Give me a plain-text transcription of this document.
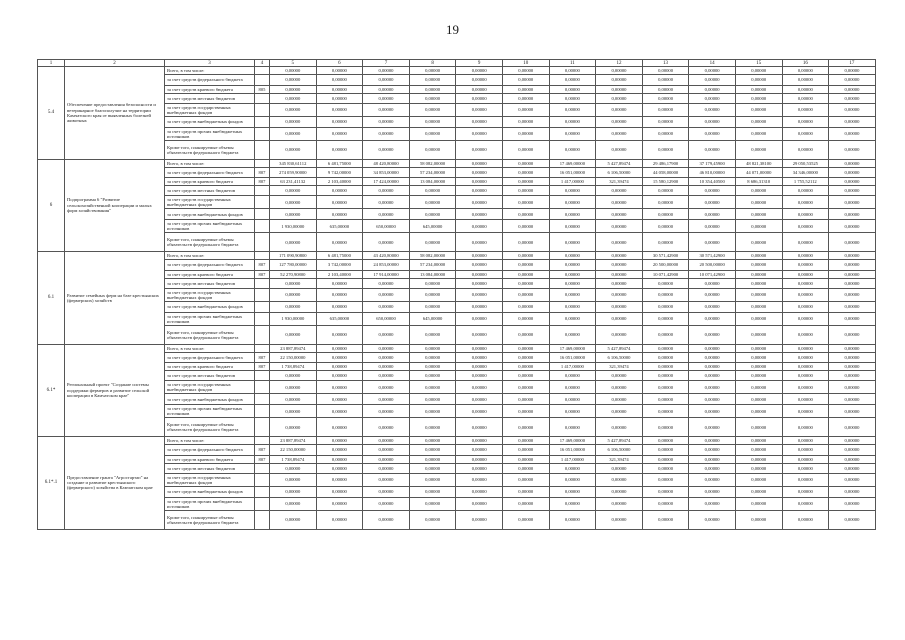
19
1	2	3	4	5	6	7	8	9	10	11	12	13	14	15	16	17
5.4	Обеспечение предоставления безопасности и ветеринарное благополучие на территории Камчатского края от выявленных болезней животных	Всего, в том числе:		0,00000	0,00000	0,00000	0,00000	0,00000	0,00000	0,00000	0,00000	0,00000	0,00000	0,00000	0,00000	0,00000
		за счет средств федерального бюджета		0,00000	0,00000	0,00000	0,00000	0,00000	0,00000	0,00000	0,00000	0,00000	0,00000	0,00000	0,00000	0,00000
		за счет средств краевого бюджета	805	0,00000	0,00000	0,00000	0,00000	0,00000	0,00000	0,00000	0,00000	0,00000	0,00000	0,00000	0,00000	0,00000
		за счет средств местных бюджетов		0,00000	0,00000	0,00000	0,00000	0,00000	0,00000	0,00000	0,00000	0,00000	0,00000	0,00000	0,00000	0,00000
		за счет средств государственных внебюджетных фондов		0,00000	0,00000	0,00000	0,00000	0,00000	0,00000	0,00000	0,00000	0,00000	0,00000	0,00000	0,00000	0,00000
		за счет средств внебюджетных фондов		0,00000	0,00000	0,00000	0,00000	0,00000	0,00000	0,00000	0,00000	0,00000	0,00000	0,00000	0,00000	0,00000
		за счет средств прочих внебюджетных источников		0,00000	0,00000	0,00000	0,00000	0,00000	0,00000	0,00000	0,00000	0,00000	0,00000	0,00000	0,00000	0,00000
		Кроме того, планируемые объемы обязательств федерального бюджета		0,00000	0,00000	0,00000	0,00000	0,00000	0,00000	0,00000	0,00000	0,00000	0,00000	0,00000	0,00000	0,00000
6	Подпрограмма 6 "Развитие сельскохозяйственной кооперации и малых форм хозяйствования"	Всего, в том числе:		345 830,61112	6 481,75000	48 420,80000	58 082,00000	0,00000	0,00000	17 469,00000	5 427,89474	29 486,17900	37 179,45900	48 821,38100	29 050,53525	0,00000
		за счет средств федерального бюджета	807	274 059,90000	9 742,00000	34 853,00000	57 234,00000	0,00000	0,00000	16 051,00000	6 106,50000	44 058,00000	46 810,00000	44 071,00000	34 346,00000	0,00000
		за счет средств краевого бюджета	807	63 231,41132	2 103,40000	17 424,00000	13 084,00000	0,00000	0,00000	1 417,00000	321,39474	15 580,12900	10 354,40500	8 686,31310	1 755,52112	0,00000
		за счет средств местных бюджетов		0,00000	0,00000	0,00000	0,00000	0,00000	0,00000	0,00000	0,00000	0,00000	0,00000	0,00000	0,00000	0,00000
		за счет средств государственных внебюджетных фондов		0,00000	0,00000	0,00000	0,00000	0,00000	0,00000	0,00000	0,00000	0,00000	0,00000	0,00000	0,00000	0,00000
		за счет средств внебюджетных фондов		0,00000	0,00000	0,00000	0,00000	0,00000	0,00000	0,00000	0,00000	0,00000	0,00000	0,00000	0,00000	0,00000
		за счет средств прочих внебюджетных источников		1 930,00000	635,00000	650,00000	645,00000	0,00000	0,00000	0,00000	0,00000	0,00000	0,00000	0,00000	0,00000	0,00000
		Кроме того, планируемые объемы обязательств федерального бюджета		0,00000	0,00000	0,00000	0,00000	0,00000	0,00000	0,00000	0,00000	0,00000	0,00000	0,00000	0,00000	0,00000
6.1	Развитие семейных ферм на базе крестьянских (фермерских) хозяйств	Всего, в том числе:		171 090,90800	6 481,75000	43 420,80000	58 082,00000	0,00000	0,00000	0,00000	0,00000	30 571,42900	30 571,42900	0,00000	0,00000	0,00000
		за счет средств федерального бюджета	807	127 780,00000	3 742,00000	24 853,00000	57 234,00000	0,00000	0,00000	0,00000	0,00000	20 500,00000	20 500,00000	0,00000	0,00000	0,00000
		за счет средств краевого бюджета	807	52 270,90800	2 103,40000	17 914,00000	13 084,00000	0,00000	0,00000	0,00000	0,00000	10 071,42900	10 071,42900	0,00000	0,00000	0,00000
		за счет средств местных бюджетов		0,00000	0,00000	0,00000	0,00000	0,00000	0,00000	0,00000	0,00000	0,00000	0,00000	0,00000	0,00000	0,00000
		за счет средств государственных внебюджетных фондов		0,00000	0,00000	0,00000	0,00000	0,00000	0,00000	0,00000	0,00000	0,00000	0,00000	0,00000	0,00000	0,00000
		за счет средств внебюджетных фондов		0,00000	0,00000	0,00000	0,00000	0,00000	0,00000	0,00000	0,00000	0,00000	0,00000	0,00000	0,00000	0,00000
		за счет средств прочих внебюджетных источников		1 930,00000	635,00000	650,00000	645,00000	0,00000	0,00000	0,00000	0,00000	0,00000	0,00000	0,00000	0,00000	0,00000
		Кроме того, планируемые объемы обязательств федерального бюджета		0,00000	0,00000	0,00000	0,00000	0,00000	0,00000	0,00000	0,00000	0,00000	0,00000	0,00000	0,00000	0,00000
6.1*	Региональный проект "Создание системы поддержки фермеров и развитие сельской кооперации в Камчатском крае"	Всего, в том числе:		23 887,89474	0,00000	0,00000	0,00000	0,00000	0,00000	17 469,00000	5 427,89474	0,00000	0,00000	0,00000	0,00000	0,00000
		за счет средств федерального бюджета	807	22 150,00000	0,00000	0,00000	0,00000	0,00000	0,00000	16 051,00000	6 106,50000	0,00000	0,00000	0,00000	0,00000	0,00000
		за счет средств краевого бюджета	807	1 738,89474	0,00000	0,00000	0,00000	0,00000	0,00000	1 417,00000	321,39474	0,00000	0,00000	0,00000	0,00000	0,00000
		за счет средств местных бюджетов		0,00000	0,00000	0,00000	0,00000	0,00000	0,00000	0,00000	0,00000	0,00000	0,00000	0,00000	0,00000	0,00000
		за счет средств государственных внебюджетных фондов		0,00000	0,00000	0,00000	0,00000	0,00000	0,00000	0,00000	0,00000	0,00000	0,00000	0,00000	0,00000	0,00000
		за счет средств внебюджетных фондов		0,00000	0,00000	0,00000	0,00000	0,00000	0,00000	0,00000	0,00000	0,00000	0,00000	0,00000	0,00000	0,00000
		за счет средств прочих внебюджетных источников		0,00000	0,00000	0,00000	0,00000	0,00000	0,00000	0,00000	0,00000	0,00000	0,00000	0,00000	0,00000	0,00000
		Кроме того, планируемые объемы обязательств федерального бюджета		0,00000	0,00000	0,00000	0,00000	0,00000	0,00000	0,00000	0,00000	0,00000	0,00000	0,00000	0,00000	0,00000
6.1*.1	Предоставление гранта "Агростартап" на создание и развитие крестьянского (фермерского) хозяйства в Камчатском крае	Всего, в том числе:		23 887,89474	0,00000	0,00000	0,00000	0,00000	0,00000	17 469,00000	5 427,89474	0,00000	0,00000	0,00000	0,00000	0,00000
		за счет средств федерального бюджета	807	22 150,00000	0,00000	0,00000	0,00000	0,00000	0,00000	16 051,00000	6 106,50000	0,00000	0,00000	0,00000	0,00000	0,00000
		за счет средств краевого бюджета	807	1 738,89474	0,00000	0,00000	0,00000	0,00000	0,00000	1 417,00000	321,39474	0,00000	0,00000	0,00000	0,00000	0,00000
		за счет средств местных бюджетов		0,00000	0,00000	0,00000	0,00000	0,00000	0,00000	0,00000	0,00000	0,00000	0,00000	0,00000	0,00000	0,00000
		за счет средств государственных внебюджетных фондов		0,00000	0,00000	0,00000	0,00000	0,00000	0,00000	0,00000	0,00000	0,00000	0,00000	0,00000	0,00000	0,00000
		за счет средств внебюджетных фондов		0,00000	0,00000	0,00000	0,00000	0,00000	0,00000	0,00000	0,00000	0,00000	0,00000	0,00000	0,00000	0,00000
		за счет средств прочих внебюджетных источников		0,00000	0,00000	0,00000	0,00000	0,00000	0,00000	0,00000	0,00000	0,00000	0,00000	0,00000	0,00000	0,00000
		Кроме того, планируемые объемы обязательств федерального бюджета		0,00000	0,00000	0,00000	0,00000	0,00000	0,00000	0,00000	0,00000	0,00000	0,00000	0,00000	0,00000	0,00000
